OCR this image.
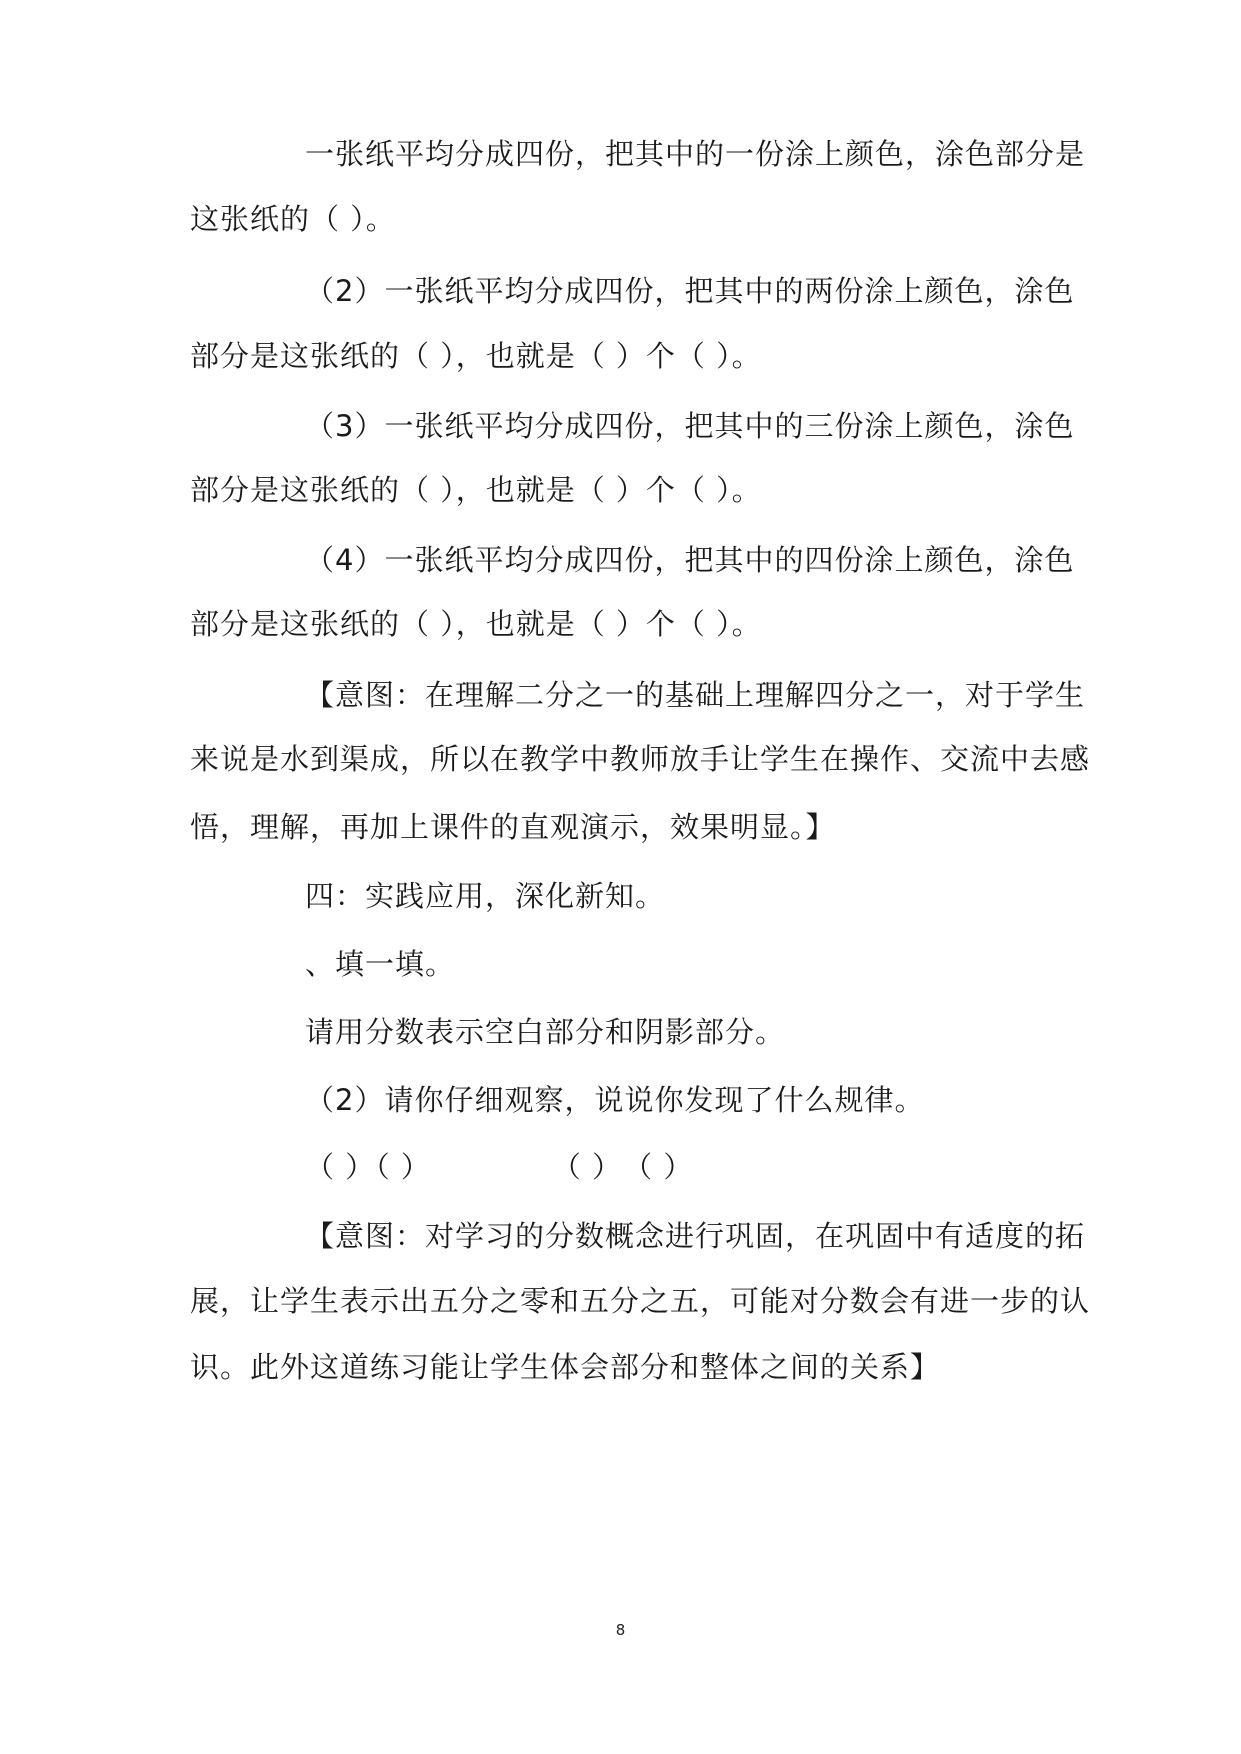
一张纸平均分成四份，把其中的一份涂上颜色，涂色部分是
这张纸的（ ）。
（2）一张纸平均分成四份，把其中的两份涂上颜色，涂色
部分是这张纸的（ ），也就是（ ）个（ ）。
（3）一张纸平均分成四份，把其中的三份涂上颜色，涂色
部分是这张纸的（ ），也就是（ ）个（ ）。
（4）一张纸平均分成四份，把其中的四份涂上颜色，涂色
部分是这张纸的（ ），也就是（ ）个（ ）。
【意图：在理解二分之一的基础上理解四分之一，对于学生
来说是水到渠成，所以在教学中教师放手让学生在操作、交流中去感
悟，理解，再加上课件的直观演示，效果明显。】
四：实践应用，深化新知。
、填一填。
请用分数表示空白部分和阴影部分。
（2）请你仔细观察，说说你发现了什么规律。
（ ）（ ）　　　　　（ ）　（ ）
【意图：对学习的分数概念进行巩固，在巩固中有适度的拓
展，让学生表示出五分之零和五分之五，可能对分数会有进一步的认
识。此外这道练习能让学生体会部分和整体之间的关系】
8
